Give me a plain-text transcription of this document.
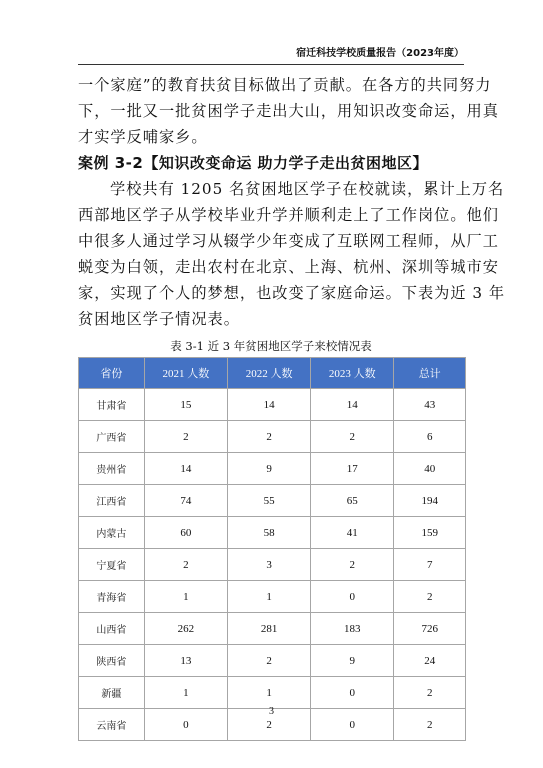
宿迁科技学校质量报告（2023年度）
一个家庭”的教育扶贫目标做出了贡献。在各方的共同努力
下，一批又一批贫困学子走出大山，用知识改变命运，用真
才实学反哺家乡。
案例 3-2【知识改变命运 助力学子走出贫困地区】
学校共有 1205 名贫困地区学子在校就读，累计上万名
西部地区学子从学校毕业升学并顺利走上了工作岗位。他们
中很多人通过学习从辍学少年变成了互联网工程师，从厂工
蜕变为白领，走出农村在北京、上海、杭州、深圳等城市安
家，实现了个人的梦想，也改变了家庭命运。下表为近 3 年
贫困地区学子情况表。
表 3-1 近 3 年贫困地区学子来校情况表
省份	2021 人数	2022 人数	2023 人数	总计
甘肃省	15	14	14	43
广西省	2	2	2	6
贵州省	14	9	17	40
江西省	74	55	65	194
内蒙古	60	58	41	159
宁夏省	2	3	2	7
青海省	1	1	0	2
山西省	262	281	183	726
陕西省	13	2	9	24
新疆	1	1	0	2
云南省	0	2	0	2
3
